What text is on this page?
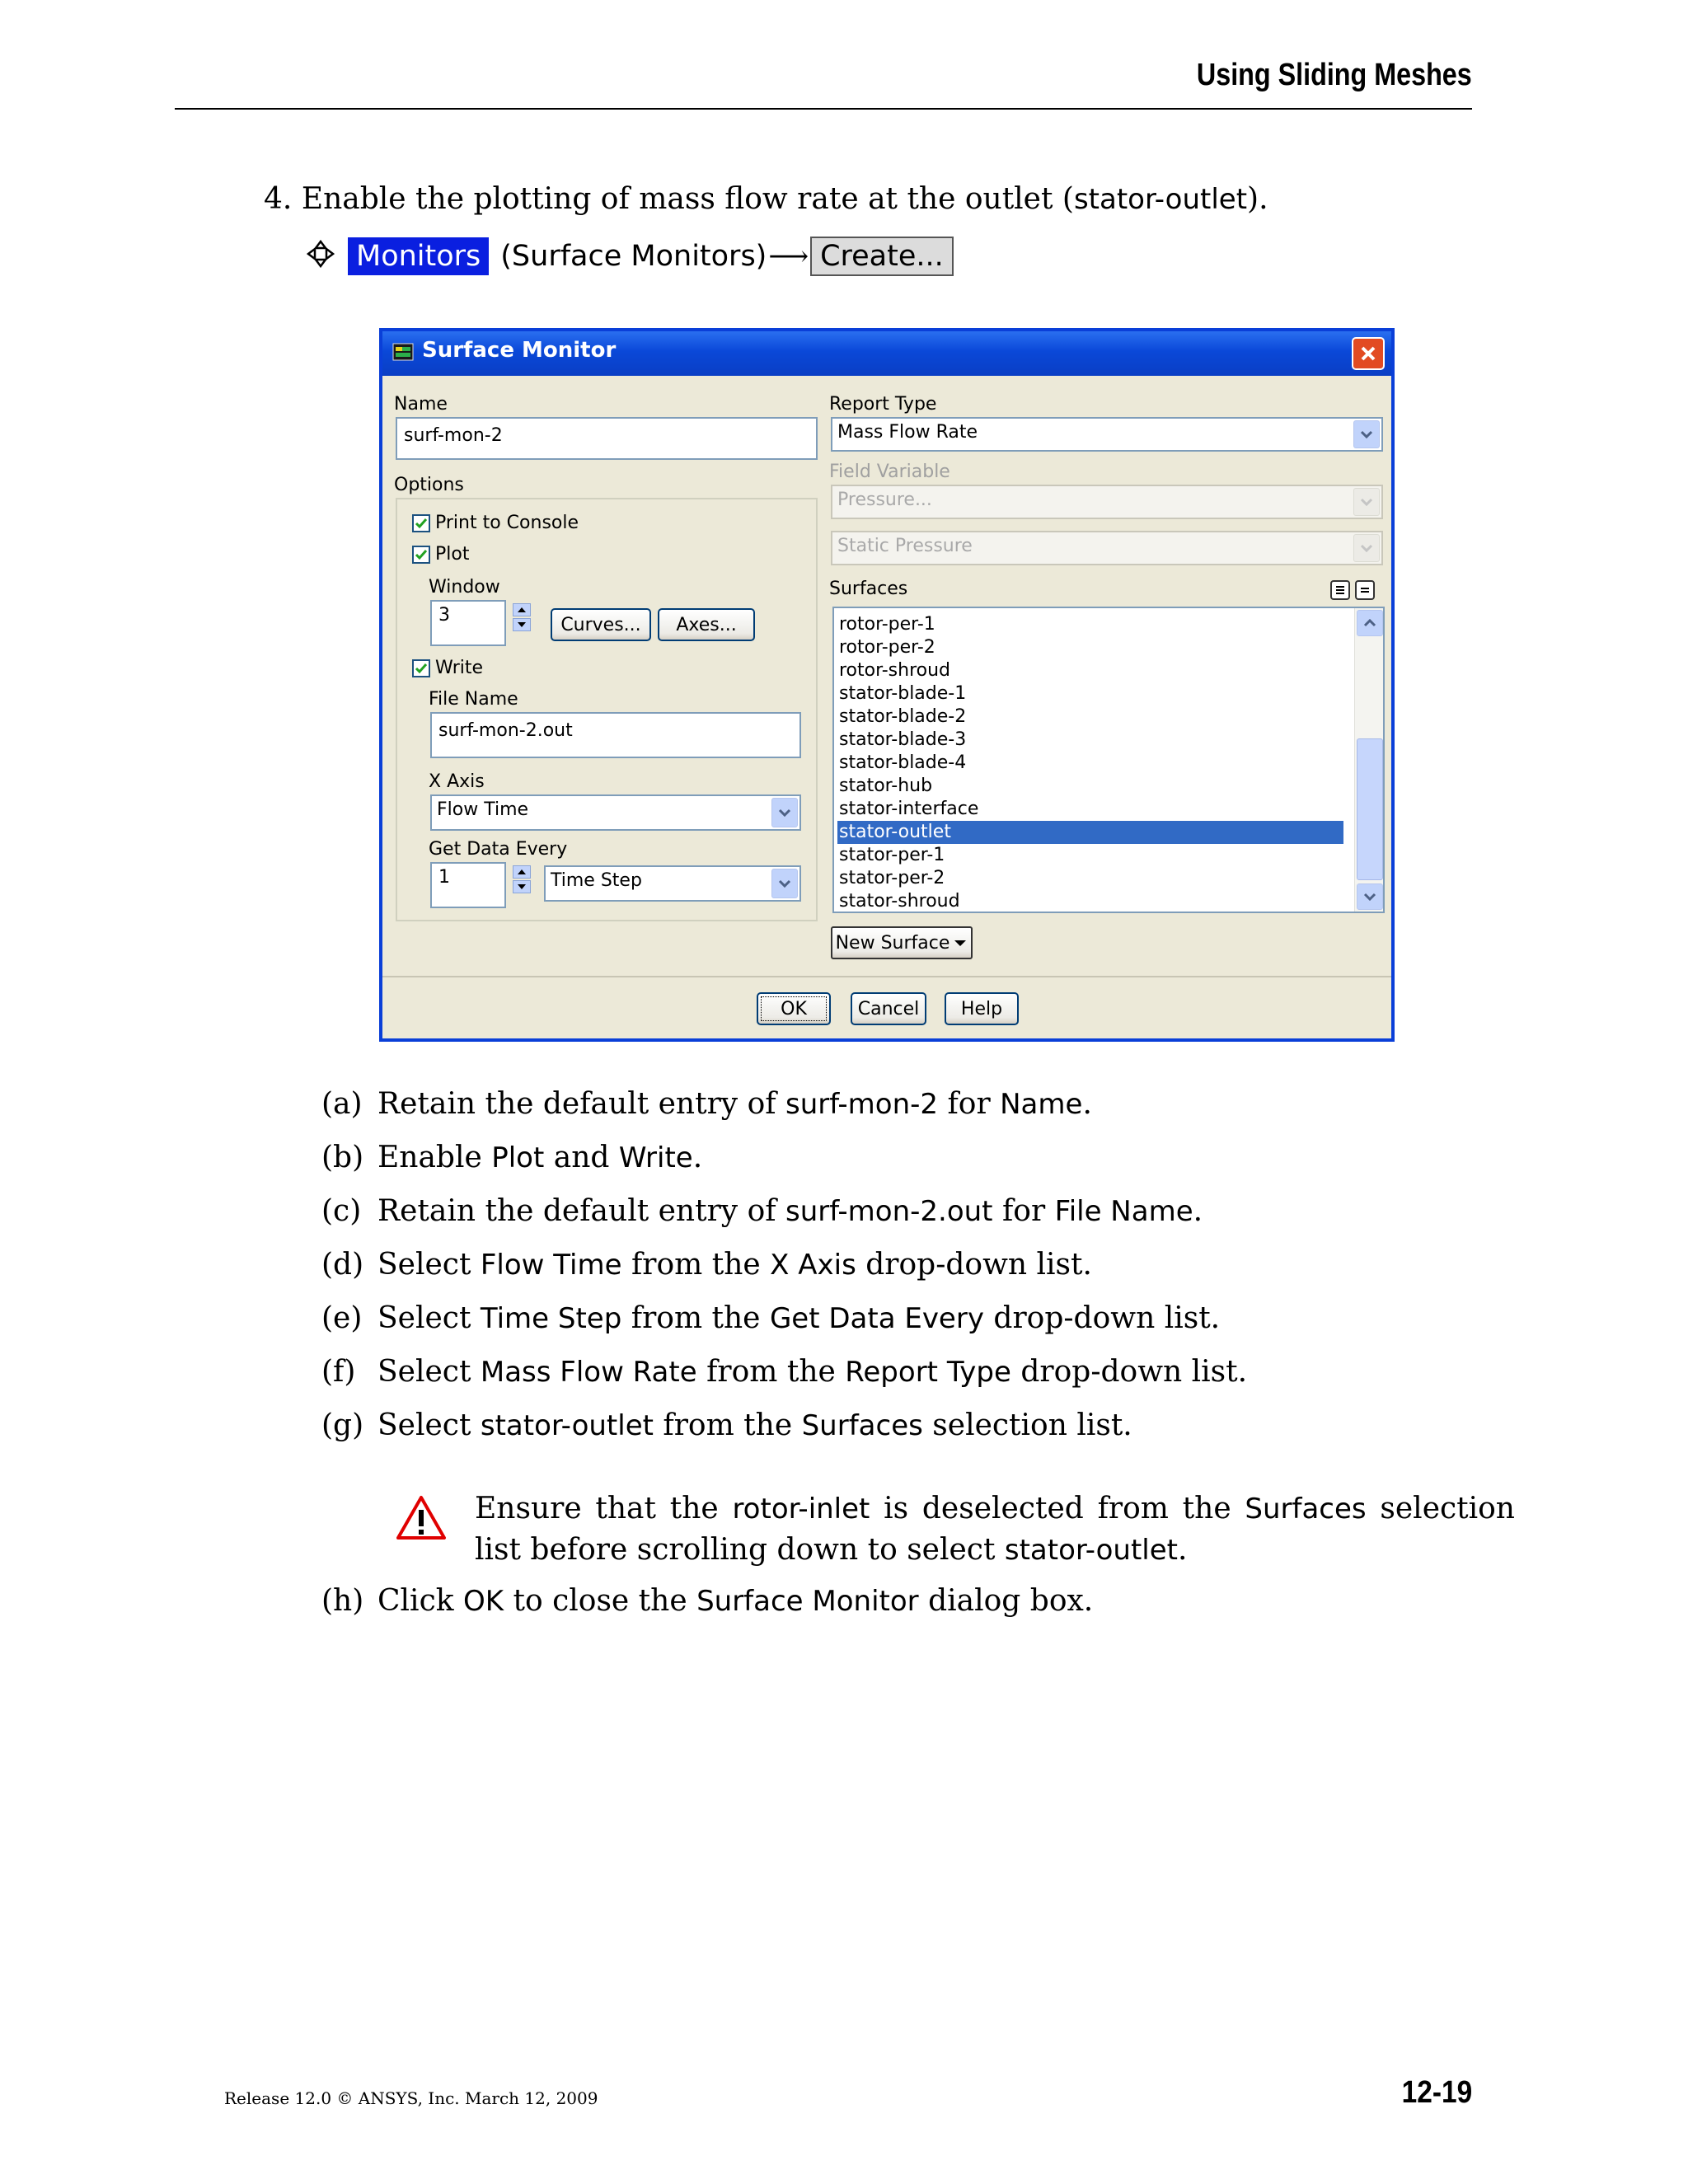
Using Sliding Meshes
4. Enable the plotting of mass flow rate at the outlet (stator-outlet).
Monitors (Surface Monitors) ⟶ Create...
Surface Monitor
Name
surf-mon-2
Options
Print to Console
Plot
Window
3	Curves...	Axes...
Write
File Name
surf-mon-2.out
X Axis
Flow Time
Get Data Every
1	Time Step
Report Type
Mass Flow Rate
Field Variable
Pressure...
Static Pressure
Surfaces
rotor-per-1
rotor-per-2
rotor-shroud
stator-blade-1
stator-blade-2
stator-blade-3
stator-blade-4
stator-hub
stator-interface
stator-outlet
stator-per-1
stator-per-2
stator-shroud
New Surface
OK	Cancel	Help
(a) Retain the default entry of surf-mon-2 for Name.
(b) Enable Plot and Write.
(c) Retain the default entry of surf-mon-2.out for File Name.
(d) Select Flow Time from the X Axis drop-down list.
(e) Select Time Step from the Get Data Every drop-down list.
(f) Select Mass Flow Rate from the Report Type drop-down list.
(g) Select stator-outlet from the Surfaces selection list.
Ensure that the rotor-inlet is deselected from the Surfaces selection list before scrolling down to select stator-outlet.
(h) Click OK to close the Surface Monitor dialog box.
Release 12.0 © ANSYS, Inc. March 12, 2009	12-19
